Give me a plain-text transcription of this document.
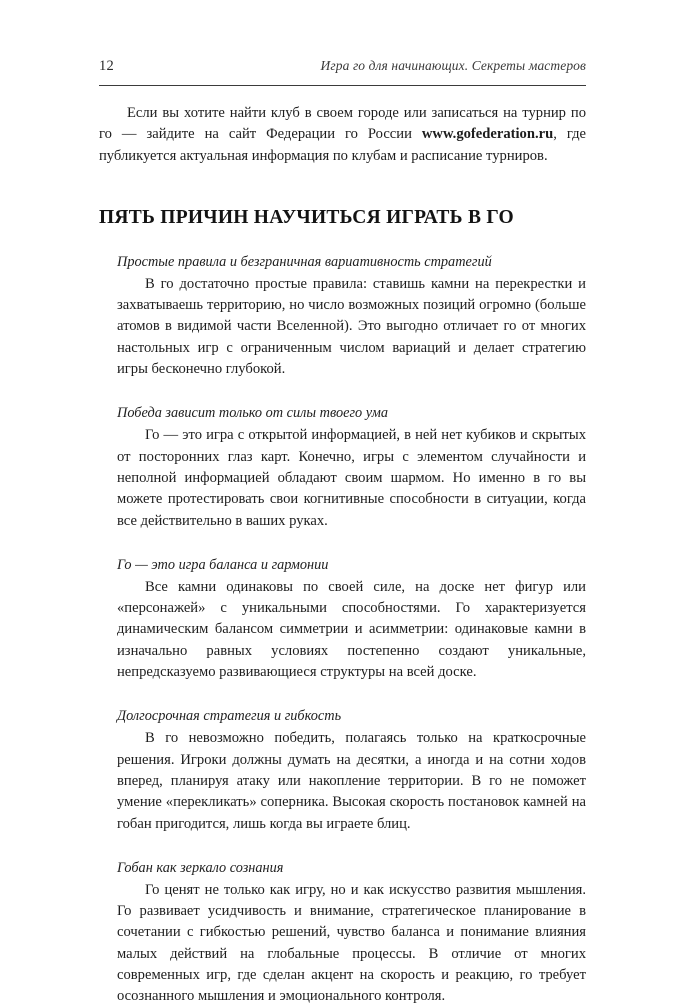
12	Игра го для начинающих. Секреты мастеров

Если вы хотите найти клуб в своем городе или записаться на турнир по го — зайдите на сайт Федерации го России www.gofederation.ru, где публикуется актуальная информация по клубам и расписание турниров.

ПЯТЬ ПРИЧИН НАУЧИТЬСЯ ИГРАТЬ В ГО
Простые правила и безграничная вариативность стратегий

В го достаточно простые правила: ставишь камни на перекрестки и захватываешь территорию, но число возможных позиций огромно (больше атомов в видимой части Вселенной). Это выгодно отличает го от многих настольных игр с ограниченным числом вариаций и делает стратегию игры бесконечно глубокой.

Победа зависит только от силы твоего ума

Го — это игра с открытой информацией, в ней нет кубиков и скрытых от посторонних глаз карт. Конечно, игры с элементом случайности и неполной информацией обладают своим шармом. Но именно в го вы можете протестировать свои когнитивные способности в ситуации, когда все действительно в ваших руках.

Го — это игра баланса и гармонии

Все камни одинаковы по своей силе, на доске нет фигур или «персонажей» с уникальными способностями. Го характеризуется динамическим балансом симметрии и асимметрии: одинаковые камни в изначально равных условиях постепенно создают уникальные, непредсказуемо развивающиеся структуры на всей доске.

Долгосрочная стратегия и гибкость

В го невозможно победить, полагаясь только на краткосрочные решения. Игроки должны думать на десятки, а иногда и на сотни ходов вперед, планируя атаку или накопление территории. В го не поможет умение «перекликать» соперника. Высокая скорость постановок камней на гобан пригодится, лишь когда вы играете блиц.

Гобан как зеркало сознания

Го ценят не только как игру, но и как искусство развития мышления. Го развивает усидчивость и внимание, стратегическое планирование в сочетании с гибкостью решений, чувство баланса и понимание влияния малых действий на глобальные процессы. В отличие от многих современных игр, где сделан акцент на скорость и реакцию, го требует осознанного мышления и эмоционального контроля.
